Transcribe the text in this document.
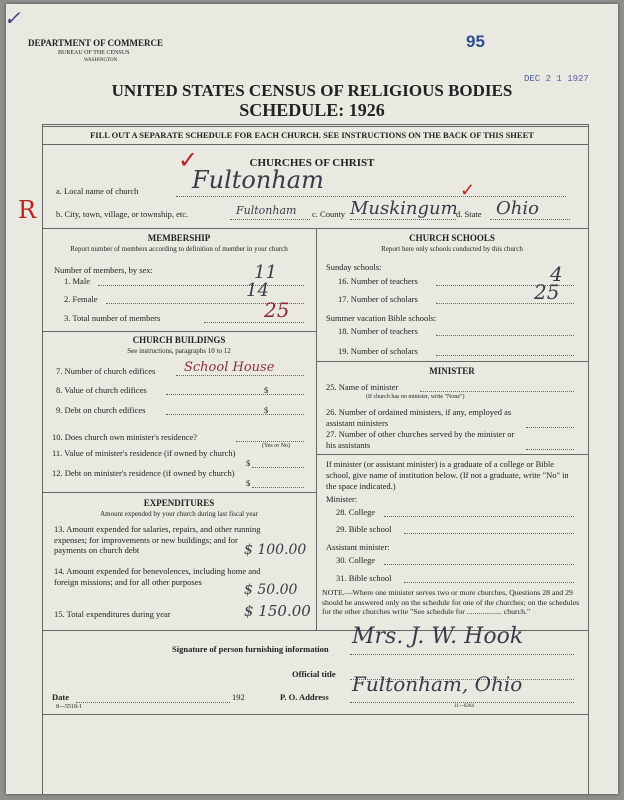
✓
DEPARTMENT OF COMMERCE
BUREAU OF THE CENSUS
WASHINGTON
95
DEC 2 1 1927
UNITED STATES CENSUS OF RELIGIOUS BODIES
SCHEDULE: 1926
FILL OUT A SEPARATE SCHEDULE FOR EACH CHURCH. SEE INSTRUCTIONS ON THE BACK OF THIS SHEET
CHURCHES OF CHRIST
R
✓
✓
a. Local name of church Fultonham
b. City, town, village, or township, etc.	Fultonham c. County Muskingum
d. State Ohio
MEMBERSHIP
Report number of members according to definition of member in your church
Number of members, by sex:
1. Male	11
2. Female	14
3. Total number of members	25
CHURCH BUILDINGS
See instructions, paragraphs 10 to 12
7. Number of church edifices School House
8. Value of church edifices	$
9. Debt on church edifices	$
10. Does church own minister's residence?
(Yes or No)
11. Value of minister's residence (if owned by church)
$
12. Debt on minister's residence (if owned by church)
$
EXPENDITURES
Amount expended by your church during last fiscal year
13. Amount expended for salaries, repairs, and other running expenses; for improvements or new buildings; and for payments on church debt	$ 100.00
14. Amount expended for benevolences, including home and foreign missions; and for all other purposes
$ 50.00
15. Total expenditures during year	$ 150.00
CHURCH SCHOOLS
Report here only schools conducted by this church
Sunday schools:
16. Number of teachers	4
17. Number of scholars	25
Summer vacation Bible schools:
18. Number of teachers
19. Number of scholars
MINISTER
25. Name of minister
(If church has no minister, write "None")
26. Number of ordained ministers, if any, employed as assistant ministers
27. Number of other churches served by the minister or his assistants
If minister (or assistant minister) is a graduate of a college or Bible school, give name of institution below. (If not a graduate, write "No" in the space indicated.)
Minister:
28. College
29. Bible school
Assistant minister:
30. College
31. Bible school
NOTE.—Where one minister serves two or more churches, Questions 28 and 29 should be answered only on the schedule for one of the churches; on the schedules for the other churches write "See schedule for .................. church."
Signature of person furnishing information Mrs. J. W. Hook
Official title
Date	192	P. O. Address
Fultonham, Ohio
8—5518-1	11—0264
